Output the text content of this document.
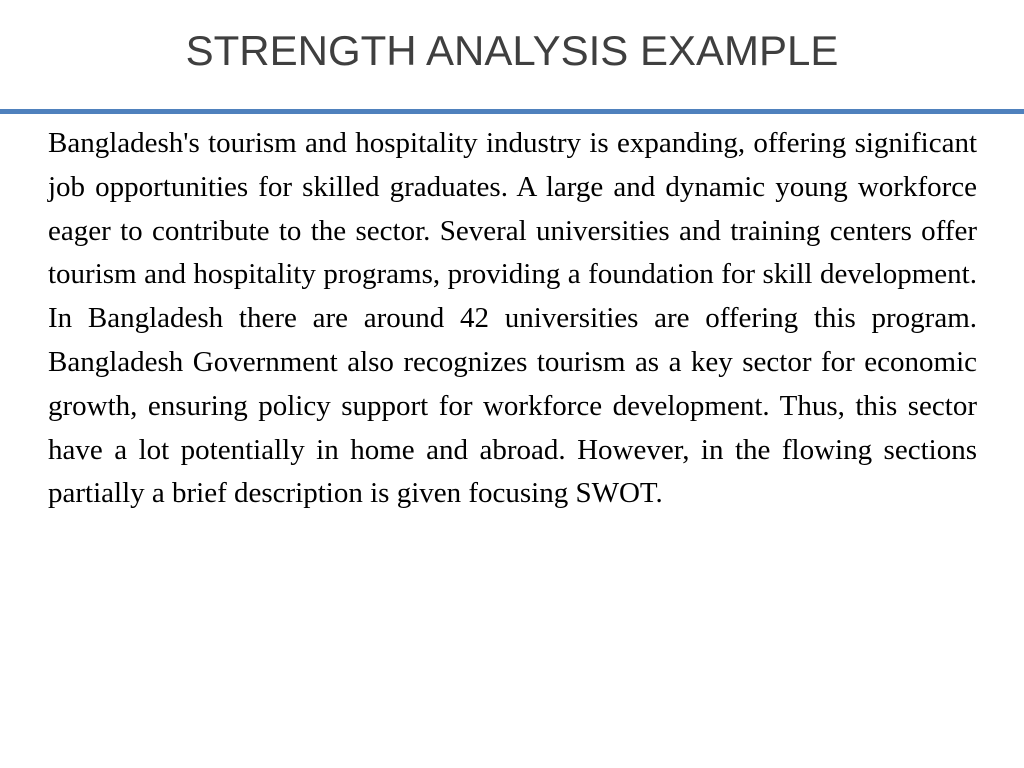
STRENGTH ANALYSIS EXAMPLE

Bangladesh's tourism and hospitality industry is expanding, offering significant job opportunities for skilled graduates. A large and dynamic young workforce eager to contribute to the sector. Several universities and training centers offer tourism and hospitality programs, providing a foundation for skill development. In Bangladesh there are around 42 universities are offering this program. Bangladesh Government also recognizes tourism as a key sector for economic growth, ensuring policy support for workforce development. Thus, this sector have a lot potentially in home and abroad. However, in the flowing sections partially a brief description is given focusing SWOT.
